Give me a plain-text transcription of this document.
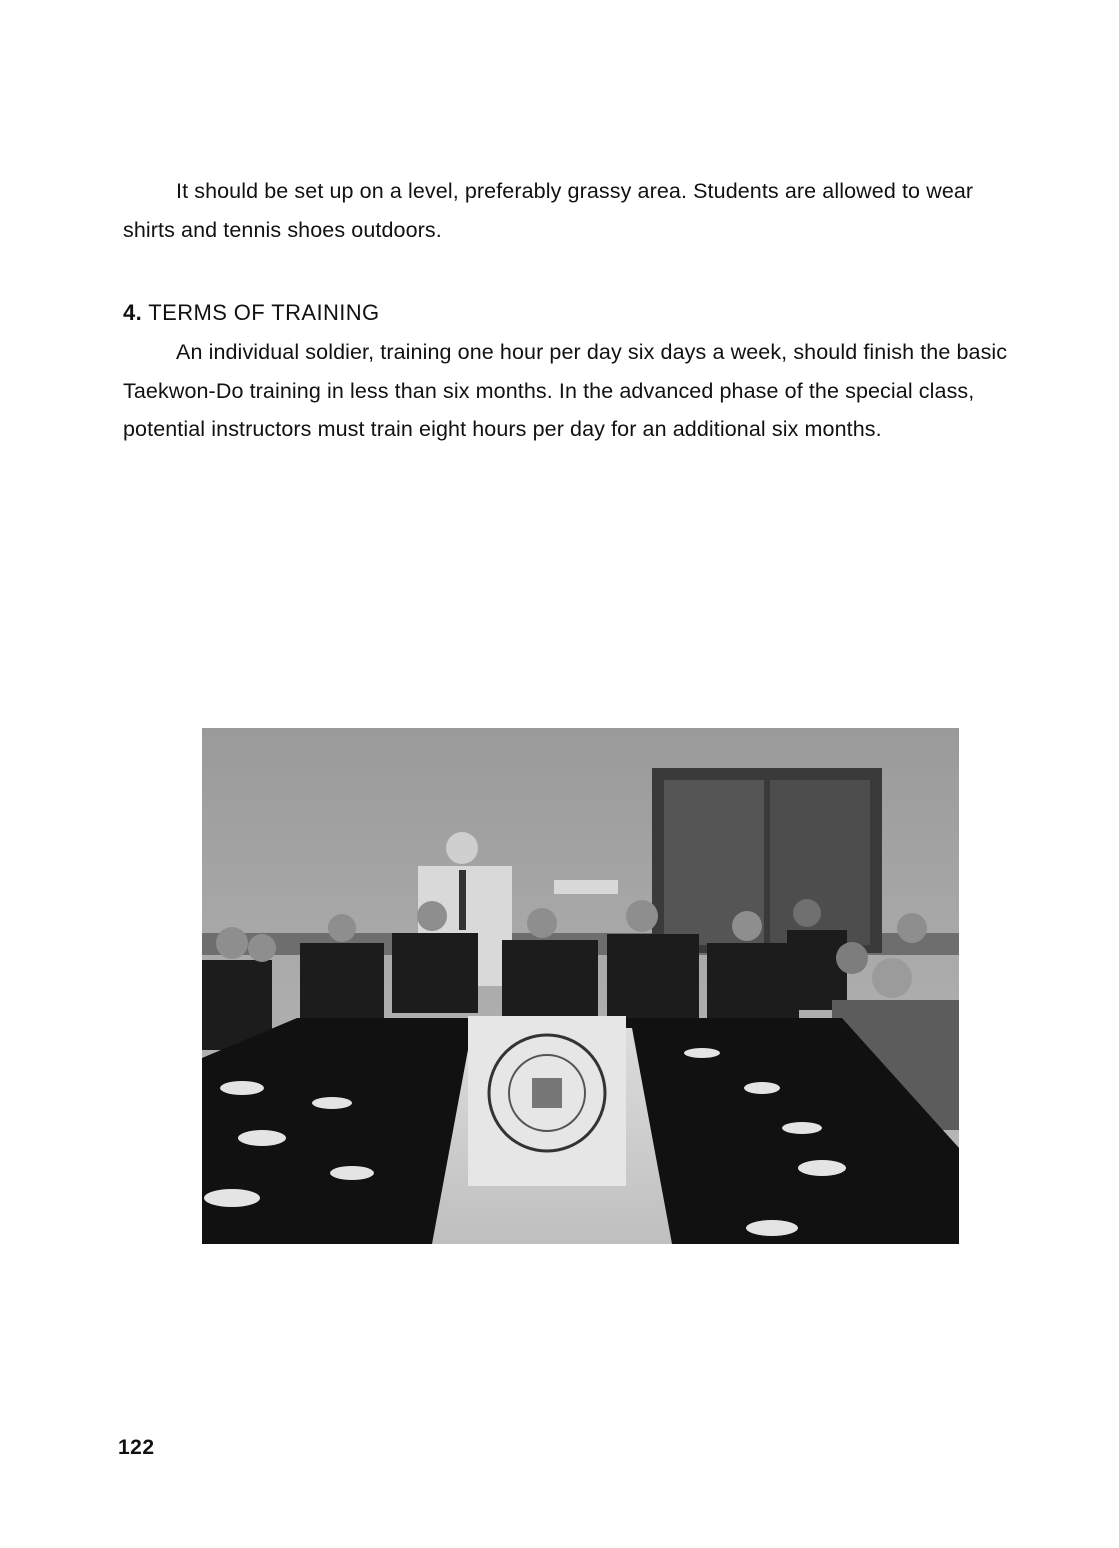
It should be set up on a level, preferably grassy area. Students are allowed to wear shirts and tennis shoes outdoors.

4. TERMS OF TRAINING

An individual soldier, training one hour per day six days a week, should finish the basic Taekwon-Do training in less than six months. In the advanced phase of the special class, potential instructors must train eight hours per day for an additional six months.

122
